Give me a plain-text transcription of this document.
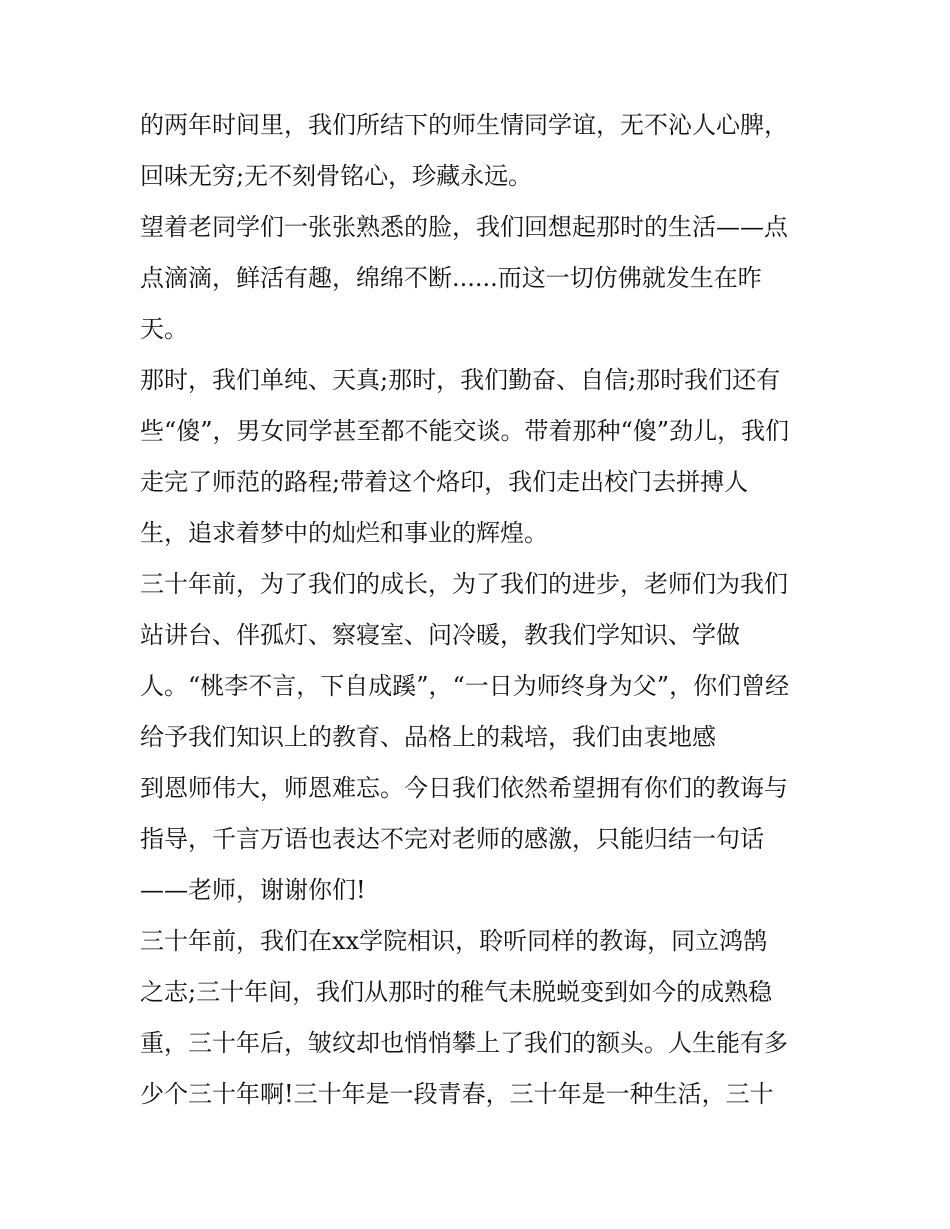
的两年时间里，我们所结下的师生情同学谊，无不沁人心脾，
回味无穷;无不刻骨铭心，珍藏永远。
望着老同学们一张张熟悉的脸，我们回想起那时的生活——点
点滴滴，鲜活有趣，绵绵不断......而这一切仿佛就发生在昨
天。
那时，我们单纯、天真;那时，我们勤奋、自信;那时我们还有
些“傻”，男女同学甚至都不能交谈。带着那种“傻”劲儿，我们
走完了师范的路程;带着这个烙印，我们走出校门去拼搏人
生，追求着梦中的灿烂和事业的辉煌。
三十年前，为了我们的成长，为了我们的进步，老师们为我们
站讲台、伴孤灯、察寝室、问冷暖，教我们学知识、学做
人。“桃李不言，下自成蹊”，“一日为师终身为父”，你们曾经
给予我们知识上的教育、品格上的栽培，我们由衷地感
到恩师伟大，师恩难忘。今日我们依然希望拥有你们的教诲与
指导，千言万语也表达不完对老师的感激，只能归结一句话
——老师，谢谢你们!
三十年前，我们在xx学院相识，聆听同样的教诲，同立鸿鹄
之志;三十年间，我们从那时的稚气未脱蜕变到如今的成熟稳
重，三十年后，皱纹却也悄悄攀上了我们的额头。人生能有多
少个三十年啊!三十年是一段青春，三十年是一种生活，三十
